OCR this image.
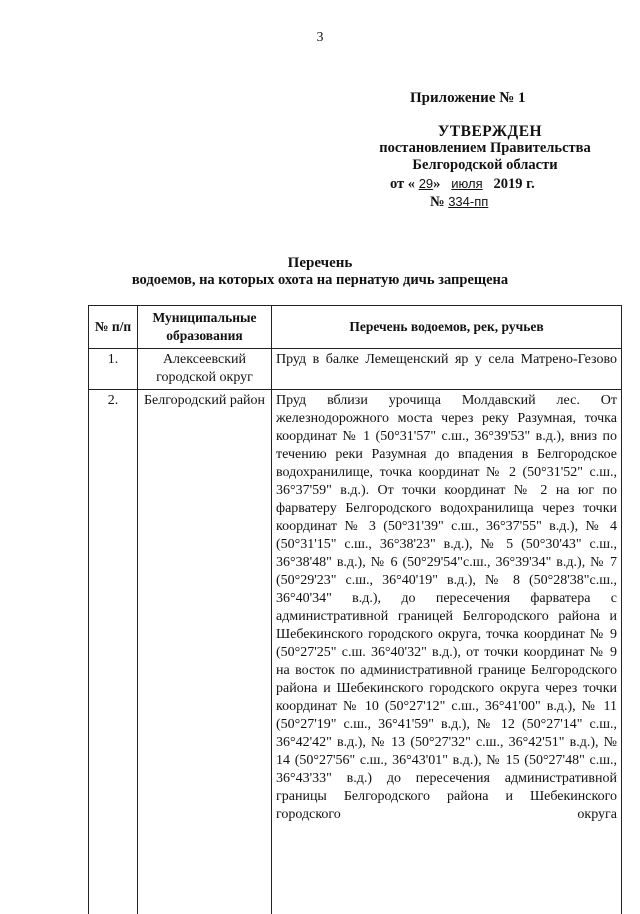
3
Приложение № 1
УТВЕРЖДЕН
постановлением Правительства
Белгородской области
от « 29» июля 2019 г.
№ 334-пп
Перечень
водоемов, на которых охота на пернатую дичь запрещена
№ п/п	Муниципальные образования	Перечень водоемов, рек, ручьев
1.	Алексеевский городской округ	Пруд в балке Лемещенский яр у села Матрено-Гезово
2.	Белгородский район	Пруд вблизи урочища Молдавский лес. От железнодорожного моста через реку Разумная, точка координат № 1 (50°31'57" с.ш., 36°39'53" в.д.), вниз по течению реки Разумная до впадения в Белгородское водохранилище, точка координат № 2 (50°31'52" с.ш., 36°37'59" в.д.). От точки координат № 2 на юг по фарватеру Белгородского водохранилища через точки координат № 3 (50°31'39" с.ш., 36°37'55" в.д.), № 4 (50°31'15" с.ш., 36°38'23" в.д.), № 5 (50°30'43" с.ш., 36°38'48" в.д.), № 6 (50°29'54"с.ш., 36°39'34" в.д.), № 7 (50°29'23" с.ш., 36°40'19" в.д.), № 8 (50°28'38"с.ш., 36°40'34" в.д.), до пересечения фарватера с административной границей Белгородского района и Шебекинского городского округа, точка координат № 9 (50°27'25" с.ш. 36°40'32" в.д.), от точки координат № 9 на восток по административной границе Белгородского района и Шебекинского городского округа через точки координат № 10 (50°27'12" с.ш., 36°41'00" в.д.), № 11 (50°27'19" с.ш., 36°41'59" в.д.), № 12 (50°27'14" с.ш., 36°42'42" в.д.), № 13 (50°27'32" с.ш., 36°42'51" в.д.), № 14 (50°27'56" с.ш., 36°43'01" в.д.), № 15 (50°27'48" с.ш., 36°43'33" в.д.) до пересечения административной границы Белгородского района и Шебекинского городского округа
